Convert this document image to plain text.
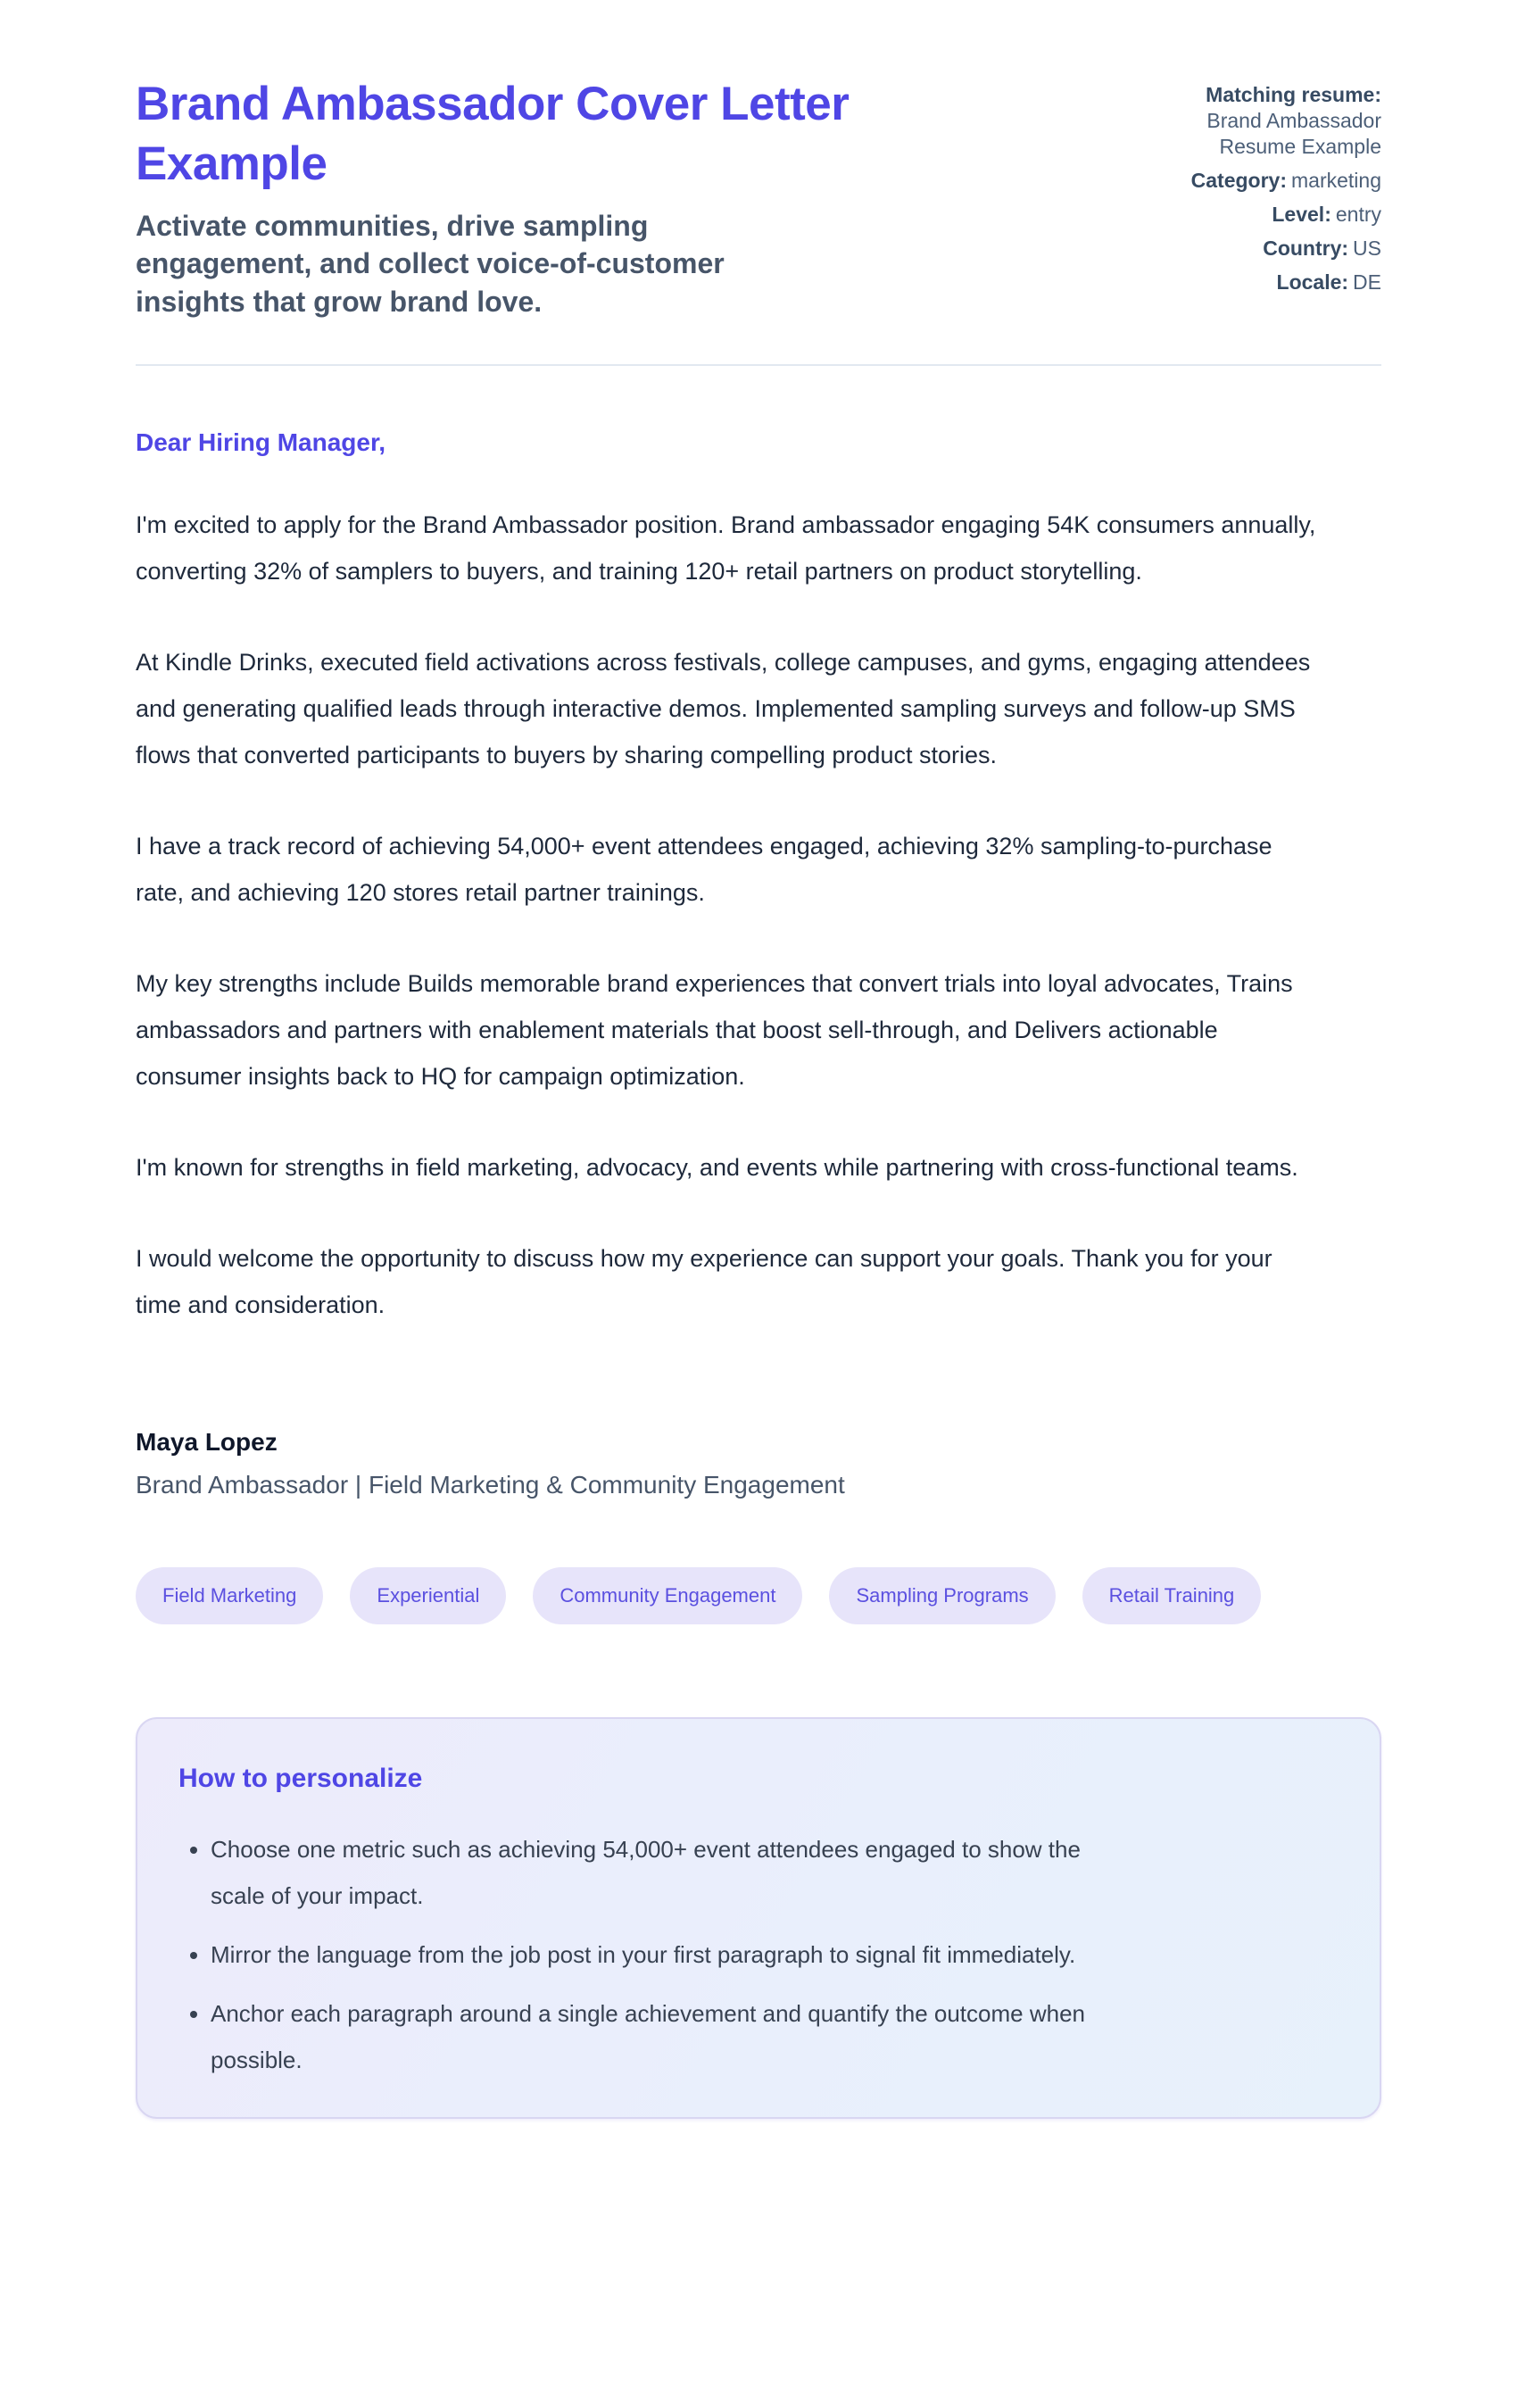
Brand Ambassador Cover Letter Example

Activate communities, drive sampling engagement, and collect voice-of-customer insights that grow brand love.

Matching resume:
Brand Ambassador Resume Example
Category: marketing
Level: entry
Country: US
Locale: DE

Dear Hiring Manager,

I'm excited to apply for the Brand Ambassador position. Brand ambassador engaging 54K consumers annually, converting 32% of samplers to buyers, and training 120+ retail partners on product storytelling.

At Kindle Drinks, executed field activations across festivals, college campuses, and gyms, engaging attendees and generating qualified leads through interactive demos. Implemented sampling surveys and follow-up SMS flows that converted participants to buyers by sharing compelling product stories.

I have a track record of achieving 54,000+ event attendees engaged, achieving 32% sampling-to-purchase rate, and achieving 120 stores retail partner trainings.

My key strengths include Builds memorable brand experiences that convert trials into loyal advocates, Trains ambassadors and partners with enablement materials that boost sell-through, and Delivers actionable consumer insights back to HQ for campaign optimization.

I'm known for strengths in field marketing, advocacy, and events while partnering with cross-functional teams.

I would welcome the opportunity to discuss how my experience can support your goals. Thank you for your time and consideration.

Maya Lopez

Brand Ambassador | Field Marketing & Community Engagement

Field Marketing	Experiential	Community Engagement	Sampling Programs	Retail Training
How to personalize
• Choose one metric such as achieving 54,000+ event attendees engaged to show the scale of your impact.
• Mirror the language from the job post in your first paragraph to signal fit immediately.
• Anchor each paragraph around a single achievement and quantify the outcome when possible.
